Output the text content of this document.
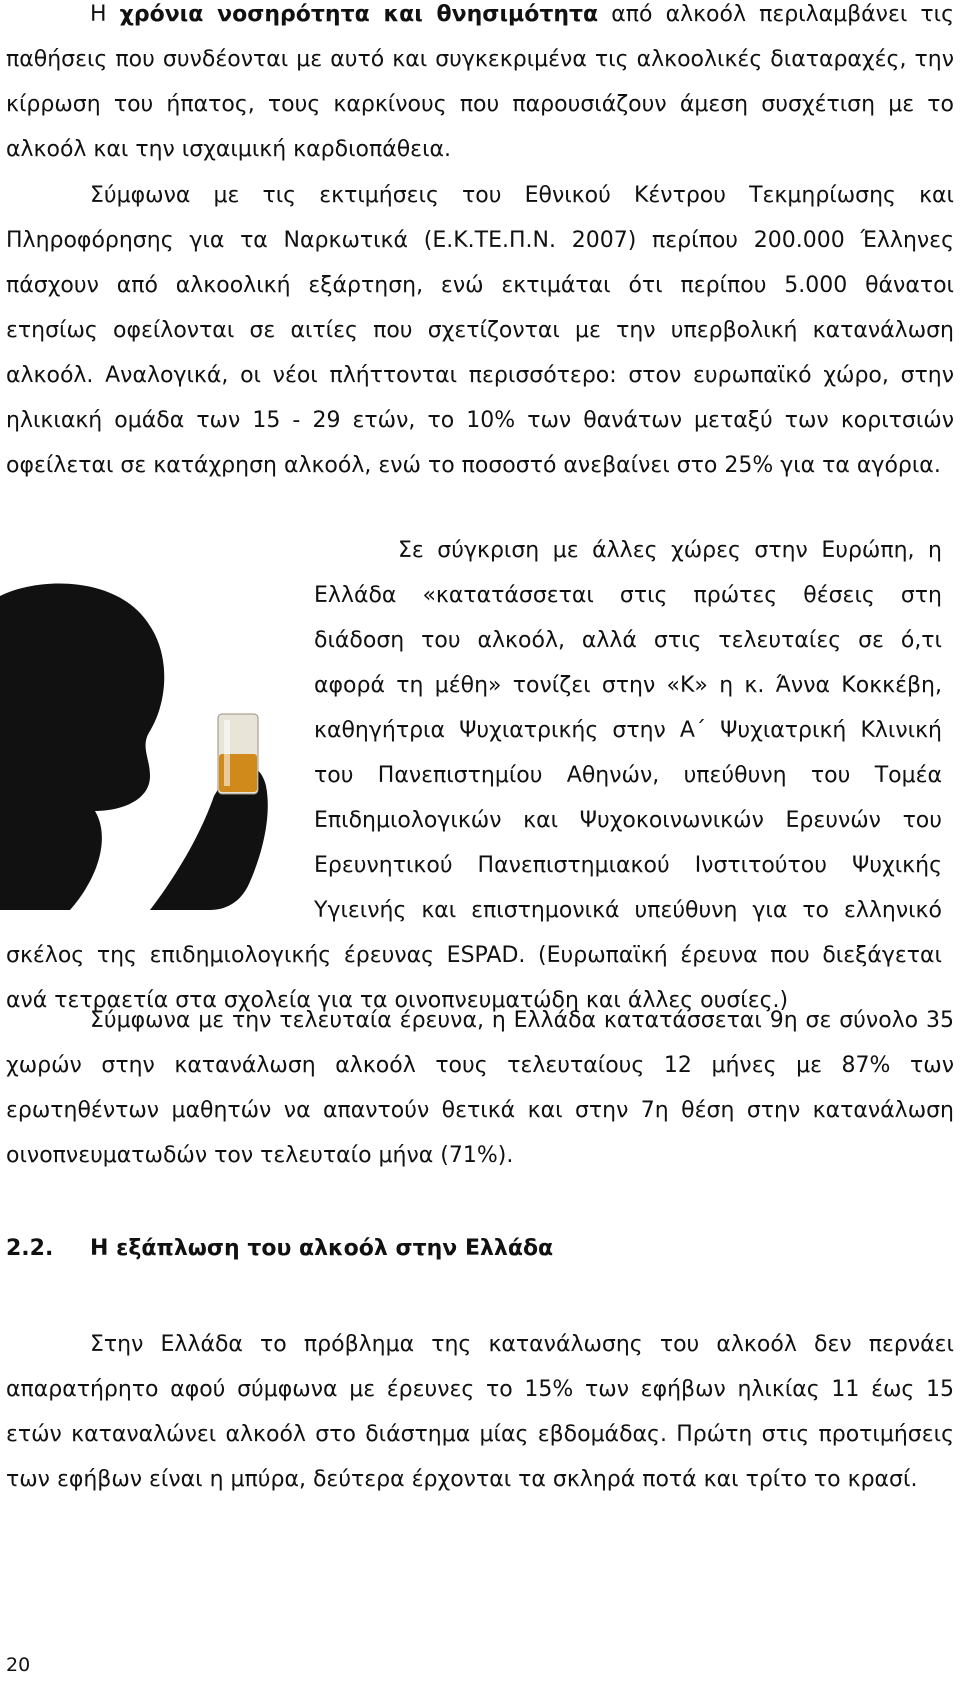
Η χρόνια νοσηρότητα και θνησιμότητα από αλκοόλ περιλαμβάνει τις παθήσεις που συνδέονται με αυτό και συγκεκριμένα τις αλκοολικές διαταραχές, την κίρρωση του ήπατος, τους καρκίνους που παρουσιάζουν άμεση συσχέτιση με το αλκοόλ και την ισχαιμική καρδιοπάθεια.

Σύμφωνα με τις εκτιμήσεις του Εθνικού Κέντρου Τεκμηρίωσης και Πληροφόρησης για τα Ναρκωτικά (Ε.Κ.ΤΕ.Π.Ν. 2007) περίπου 200.000 Έλληνες πάσχουν από αλκοολική εξάρτηση, ενώ εκτιμάται ότι περίπου 5.000 θάνατοι ετησίως οφείλονται σε αιτίες που σχετίζονται με την υπερβολική κατανάλωση αλκοόλ. Αναλογικά, οι νέοι πλήττονται περισσότερο: στον ευρωπαϊκό χώρο, στην ηλικιακή ομάδα των 15 - 29 ετών, το 10% των θανάτων μεταξύ των κοριτσιών οφείλεται σε κατάχρηση αλκοόλ, ενώ το ποσοστό ανεβαίνει στο 25% για τα αγόρια.

Σε σύγκριση με άλλες χώρες στην Ευρώπη, η Ελλάδα «κατατάσσεται στις πρώτες θέσεις στη διάδοση του αλκοόλ, αλλά στις τελευταίες σε ό,τι αφορά τη μέθη» τονίζει στην «Κ» η κ. Άννα Κοκκέβη, καθηγήτρια Ψυχιατρικής στην Α΄ Ψυχιατρική Κλινική του Πανεπιστημίου Αθηνών, υπεύθυνη του Τομέα Επιδημιολογικών και Ψυχοκοινωνικών Ερευνών του Ερευνητικού Πανεπιστημιακού Ινστιτούτου Ψυχικής Υγιεινής και επιστημονικά υπεύθυνη για το ελληνικό σκέλος της επιδημιολογικής έρευνας ESPAD. (Ευρωπαϊκή έρευνα που διεξάγεται ανά τετραετία στα σχολεία για τα οινοπνευματώδη και άλλες ουσίες.)

Σύμφωνα με την τελευταία έρευνα, η Ελλάδα κατατάσσεται 9η σε σύνολο 35 χωρών στην κατανάλωση αλκοόλ τους τελευταίους 12 μήνες με 87% των ερωτηθέντων μαθητών να απαντούν θετικά και στην 7η θέση στην κατανάλωση οινοπνευματωδών τον τελευταίο μήνα (71%).

2.2. Η εξάπλωση του αλκοόλ στην Ελλάδα

Στην Ελλάδα το πρόβλημα της κατανάλωσης του αλκοόλ δεν περνάει απαρατήρητο αφού σύμφωνα με έρευνες το 15% των εφήβων ηλικίας 11 έως 15 ετών καταναλώνει αλκοόλ στο διάστημα μίας εβδομάδας. Πρώτη στις προτιμήσεις των εφήβων είναι η μπύρα, δεύτερα έρχονται τα σκληρά ποτά και τρίτο το κρασί.

20
